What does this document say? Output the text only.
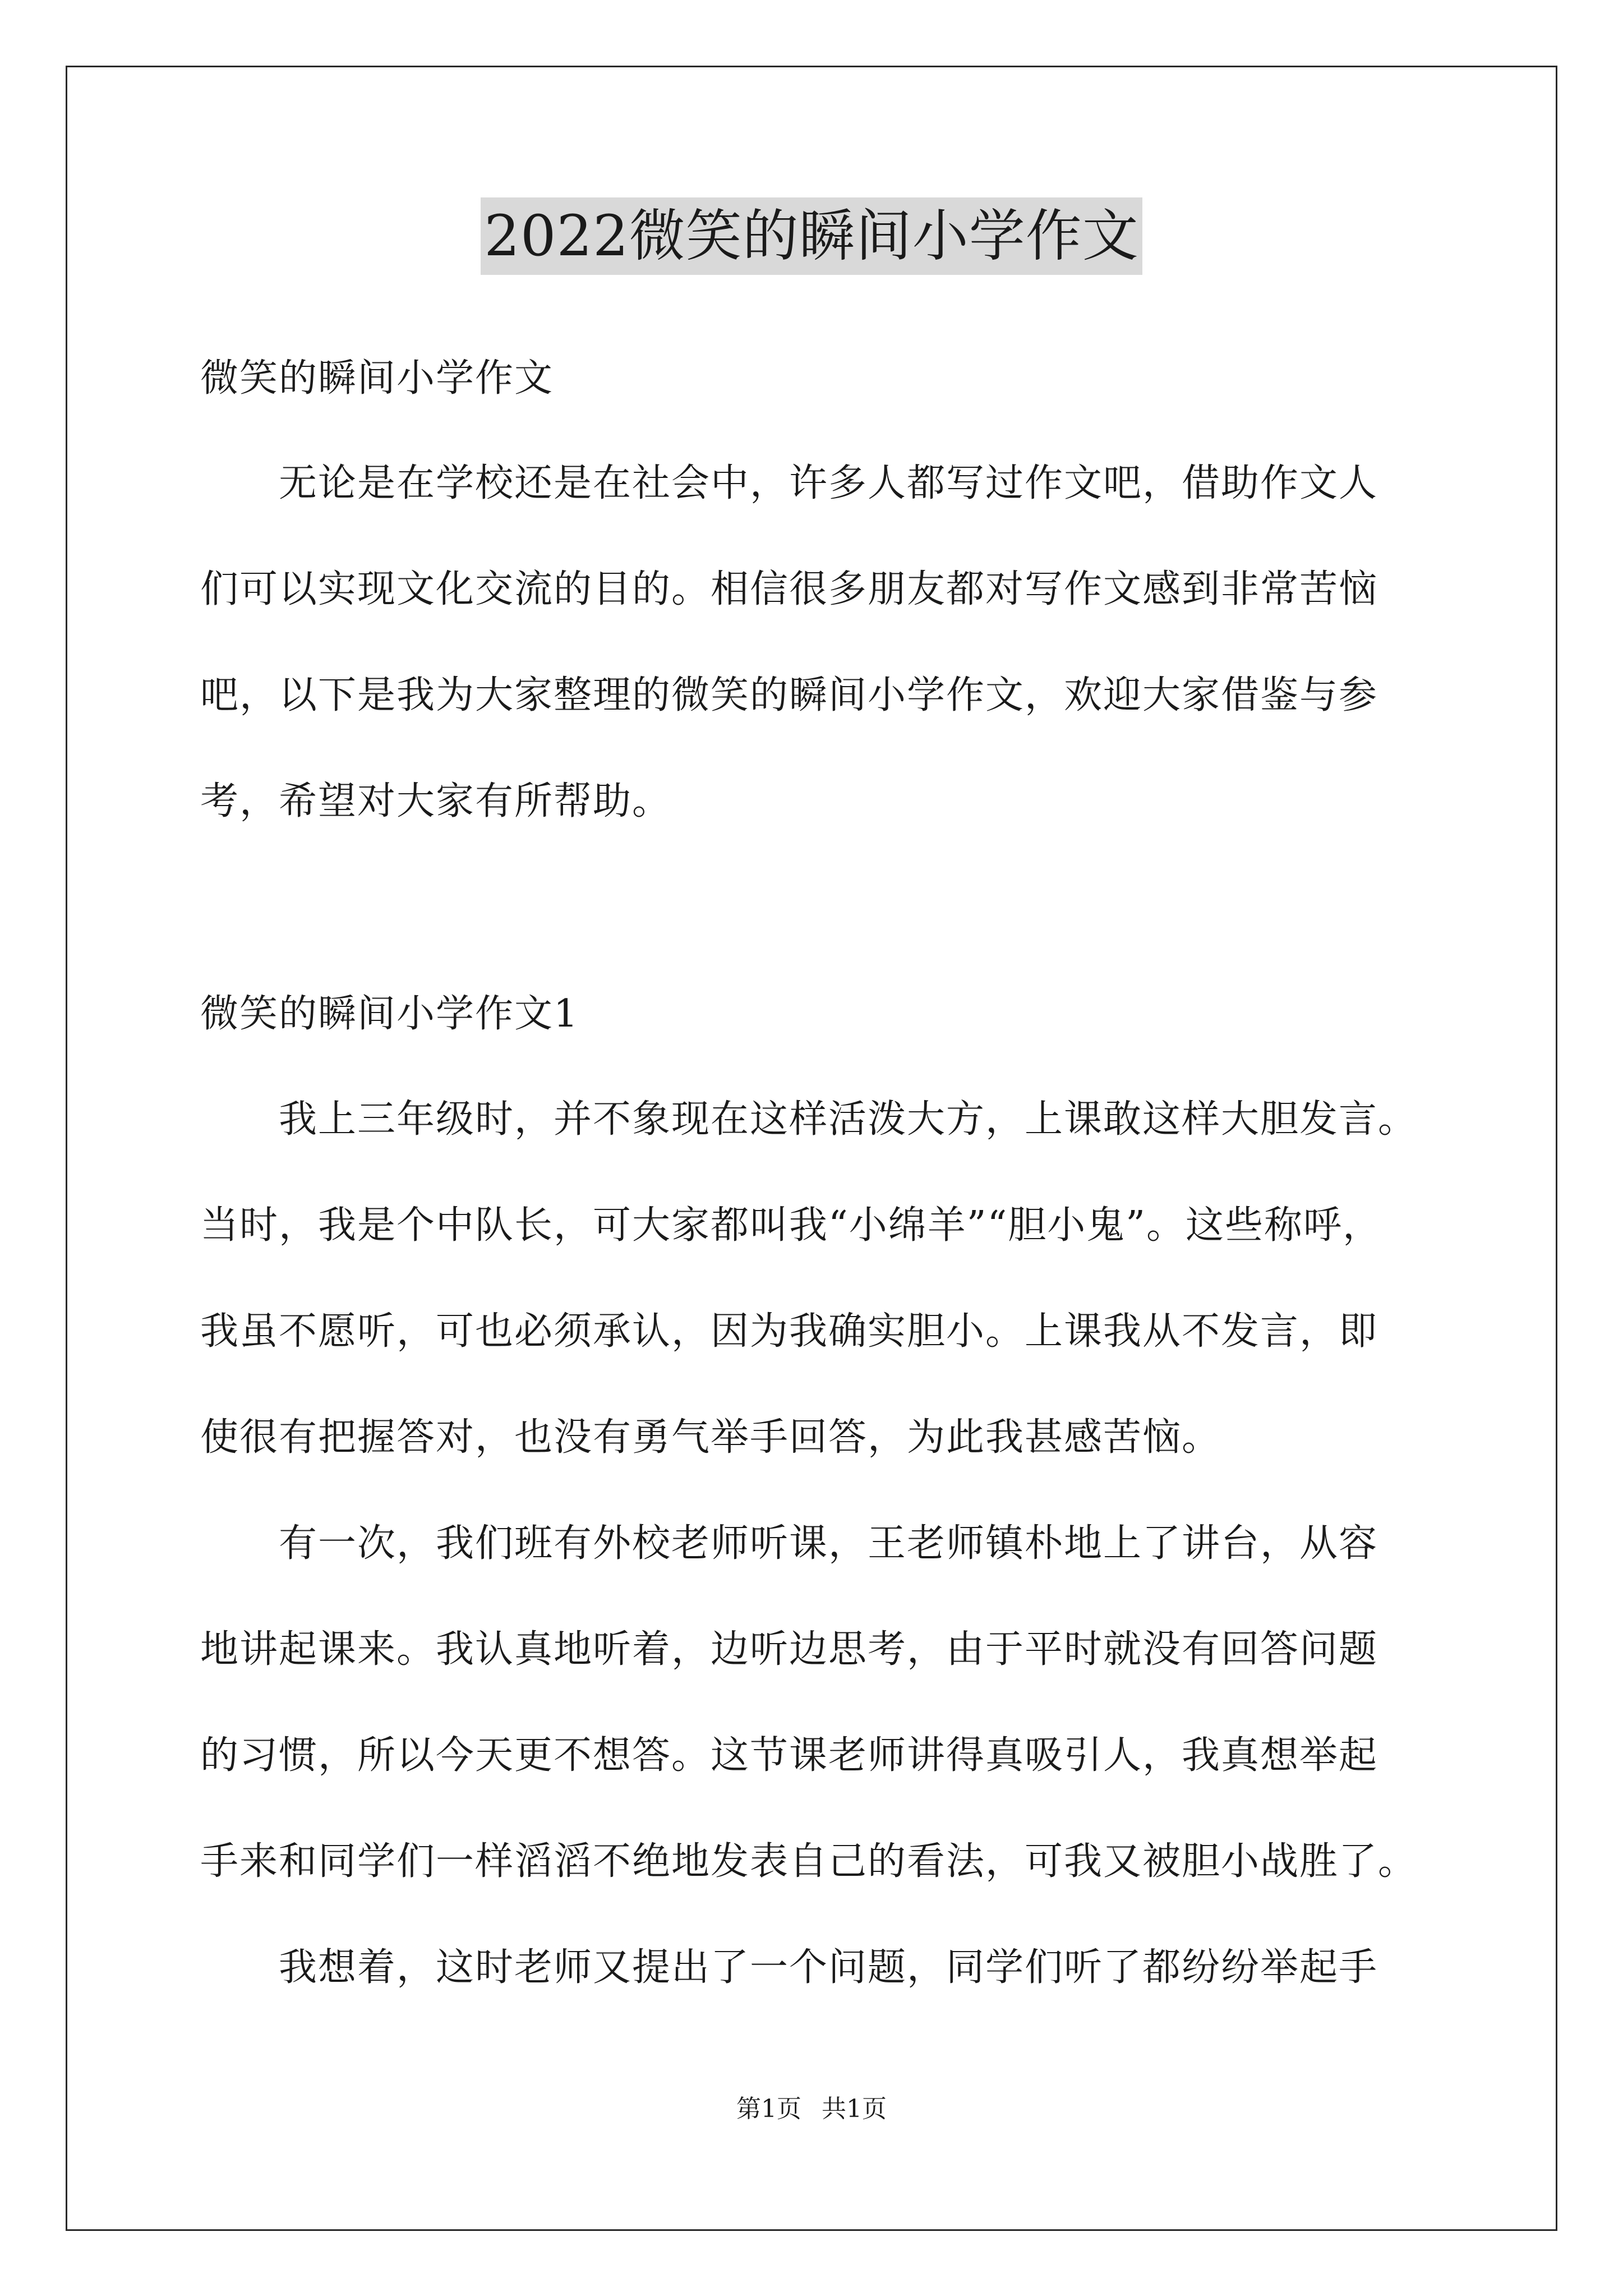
2022微笑的瞬间小学作文
微笑的瞬间小学作文
　　无论是在学校还是在社会中，许多人都写过作文吧，借助作文人
们可以实现文化交流的目的。相信很多朋友都对写作文感到非常苦恼
吧，以下是我为大家整理的微笑的瞬间小学作文，欢迎大家借鉴与参
考，希望对大家有所帮助。
微笑的瞬间小学作文1
　　我上三年级时，并不象现在这样活泼大方，上课敢这样大胆发言。
当时，我是个中队长，可大家都叫我“小绵羊”“胆小鬼”。这些称呼，
我虽不愿听，可也必须承认，因为我确实胆小。上课我从不发言，即
使很有把握答对，也没有勇气举手回答，为此我甚感苦恼。
　　有一次，我们班有外校老师听课，王老师镇朴地上了讲台，从容
地讲起课来。我认真地听着，边听边思考，由于平时就没有回答问题
的习惯，所以今天更不想答。这节课老师讲得真吸引人，我真想举起
手来和同学们一样滔滔不绝地发表自己的看法，可我又被胆小战胜了。
　　我想着，这时老师又提出了一个问题，同学们听了都纷纷举起手
第1页 共1页
